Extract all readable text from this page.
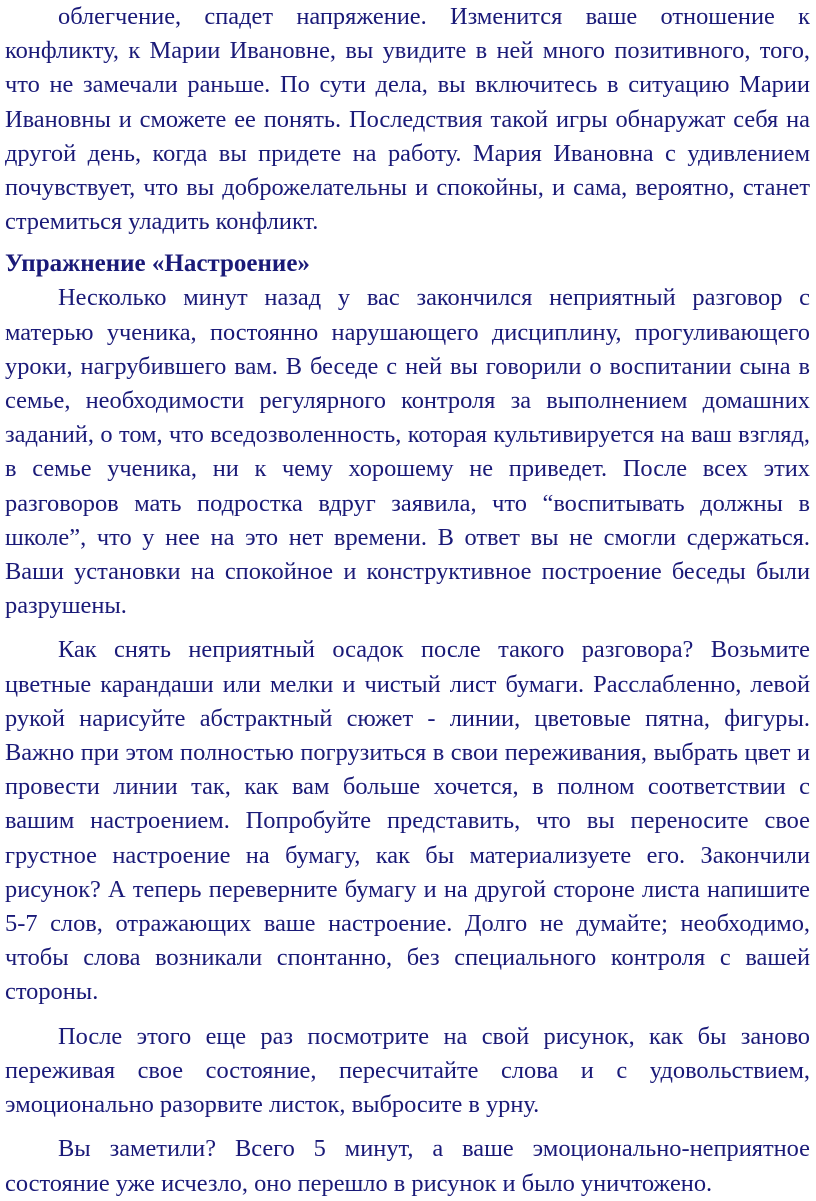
облегчение, спадет напряжение. Изменится ваше отношение к конфликту, к Марии Ивановне, вы увидите в ней много позитивного, того, что не замечали раньше. По сути дела, вы включитесь в ситуацию Марии Ивановны и сможете ее понять. Последствия такой игры обнаружат себя на другой день, когда вы придете на работу. Мария Ивановна с удивлением почувствует, что вы доброжелательны и спокойны, и сама, вероятно, станет стремиться уладить конфликт.

Упражнение «Настроение»

Несколько минут назад у вас закончился неприятный разговор с матерью ученика, постоянно нарушающего дисциплину, прогуливающего уроки, нагрубившего вам. В беседе с ней вы говорили о воспитании сына в семье, необходимости регулярного контроля за выполнением домашних заданий, о том, что вседозволенность, которая культивируется на ваш взгляд, в семье ученика, ни к чему хорошему не приведет. После всех этих разговоров мать подростка вдруг заявила, что “воспитывать должны в школе”, что у нее на это нет времени. В ответ вы не смогли сдержаться. Ваши установки на спокойное и конструктивное построение беседы были разрушены.

Как снять неприятный осадок после такого разговора? Возьмите цветные карандаши или мелки и чистый лист бумаги. Расслабленно, левой рукой нарисуйте абстрактный сюжет - линии, цветовые пятна, фигуры. Важно при этом полностью погрузиться в свои переживания, выбрать цвет и провести линии так, как вам больше хочется, в полном соответствии с вашим настроением. Попробуйте представить, что вы переносите свое грустное настроение на бумагу, как бы материализуете его. Закончили рисунок? А теперь переверните бумагу и на другой стороне листа напишите 5-7 слов, отражающих ваше настроение. Долго не думайте; необходимо, чтобы слова возникали спонтанно, без специального контроля с вашей стороны.

После этого еще раз посмотрите на свой рисунок, как бы заново переживая свое состояние, пересчитайте слова и с удовольствием, эмоционально разорвите листок, выбросите в урну.

Вы заметили? Всего 5 минут, а ваше эмоционально-неприятное состояние уже исчезло, оно перешло в рисунок и было уничтожено.
